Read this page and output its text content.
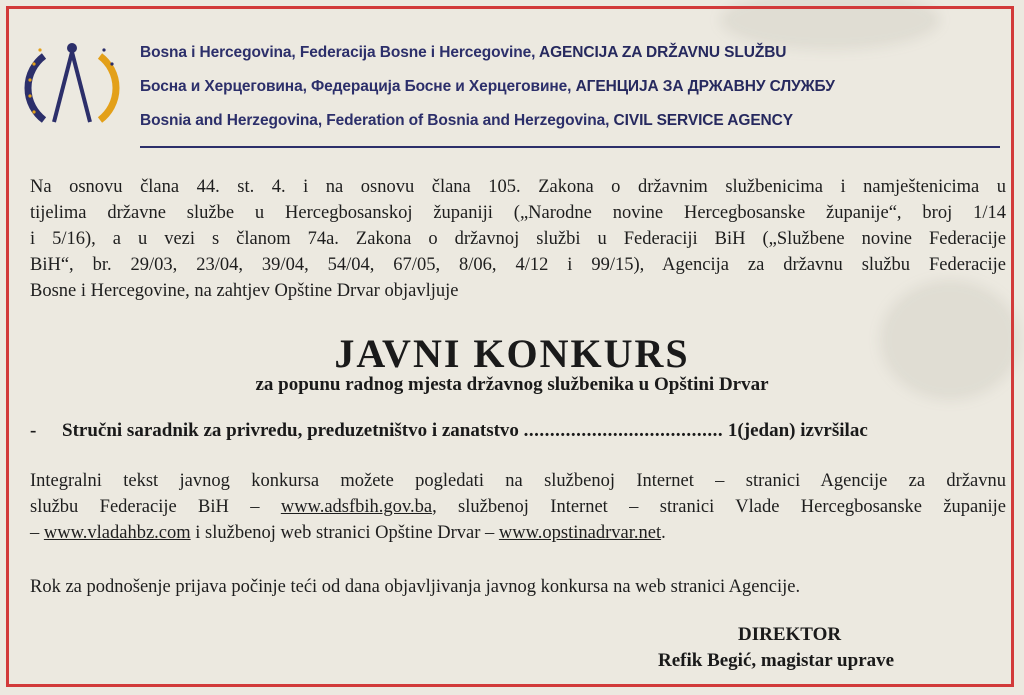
Bosna i Hercegovina, Federacija Bosne i Hercegovine, AGENCIJA ZA DRŽAVNU SLUŽBU
Босна и Херцеговина, Федерација Босне и Херцеговине, АГЕНЦИЈА ЗА ДРЖАВНУ СЛУЖБУ
Bosnia and Herzegovina, Federation of Bosnia and Herzegovina, CIVIL SERVICE AGENCY
Na osnovu člana 44. st. 4. i na osnovu člana 105. Zakona o državnim službenicima i namještenicima u
tijelima državne službe u Hercegbosanskoj županiji („Narodne novine Hercegbosanske županije“, broj 1/14
i 5/16), a u vezi s članom 74a. Zakona o državnoj službi u Federaciji BiH („Službene novine Federacije
BiH“, br. 29/03, 23/04, 39/04, 54/04, 67/05, 8/06, 4/12 i 99/15), Agencija za državnu službu Federacije
Bosne i Hercegovine, na zahtjev Opštine Drvar objavljuje
JAVNI KONKURS
za popunu radnog mjesta državnog službenika u Opštini Drvar
- Stručni saradnik za privredu, preduzetništvo i zanatstvo ...................................... 1(jedan) izvršilac
Integralni tekst javnog konkursa možete pogledati na službenoj Internet – stranici Agencije za državnu
službu Federacije BiH – www.adsfbih.gov.ba, službenoj Internet – stranici Vlade Hercegbosanske županije
– www.vladahbz.com i službenoj web stranici Opštine Drvar – www.opstinadrvar.net.
Rok za podnošenje prijava počinje teći od dana objavljivanja javnog konkursa na web stranici Agencije.
DIREKTOR
Refik Begić, magistar uprave
